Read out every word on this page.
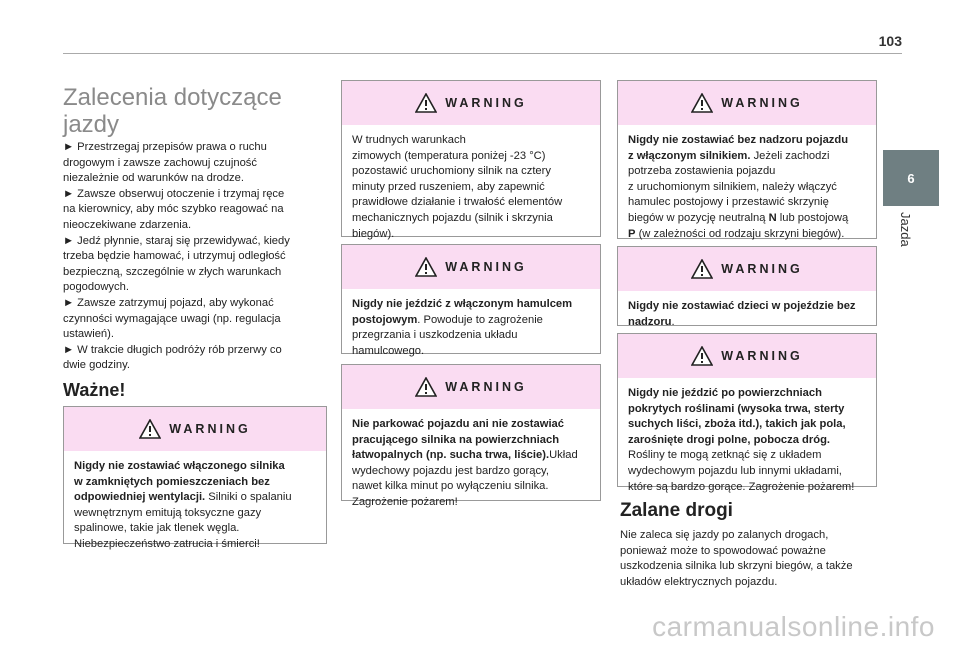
103
6
Jazda
Zalecenia dotyczące
jazdy
► Przestrzegaj przepisów prawa o ruchu
drogowym i zawsze zachowuj czujność
niezależnie od warunków na drodze.
► Zawsze obserwuj otoczenie i trzymaj ręce
na kierownicy, aby móc szybko reagować na
nieoczekiwane zdarzenia.
► Jedź płynnie, staraj się przewidywać, kiedy
trzeba będzie hamować, i utrzymuj odległość
bezpieczną, szczególnie w złych warunkach
pogodowych.
► Zawsze zatrzymuj pojazd, aby wykonać
czynności wymagające uwagi (np. regulacja
ustawień).
► W trakcie długich podróży rób przerwy co
dwie godziny.
Ważne!
WARNING
Nigdy nie zostawiać włączonego silnika
w zamkniętych pomieszczeniach bez
odpowiedniej wentylacji. Silniki o spalaniu
wewnętrznym emitują toksyczne gazy
spalinowe, takie jak tlenek węgla.
Niebezpieczeństwo zatrucia i śmierci!
WARNING
W trudnych warunkach
zimowych (temperatura poniżej -23 °C)
pozostawić uruchomiony silnik na cztery
minuty przed ruszeniem, aby zapewnić
prawidłowe działanie i trwałość elementów
mechanicznych pojazdu (silnik i skrzynia
biegów).
WARNING
Nigdy nie jeździć z włączonym hamulcem
postojowym. Powoduje to zagrożenie
przegrzania i uszkodzenia układu
hamulcowego.
WARNING
Nie parkować pojazdu ani nie zostawiać
pracującego silnika na powierzchniach
łatwopalnych (np. sucha trwa, liście).Układ
wydechowy pojazdu jest bardzo gorący,
nawet kilka minut po wyłączeniu silnika.
Zagrożenie pożarem!
WARNING
Nigdy nie zostawiać bez nadzoru pojazdu
z włączonym silnikiem. Jeżeli zachodzi
potrzeba zostawienia pojazdu
z uruchomionym silnikiem, należy włączyć
hamulec postojowy i przestawić skrzynię
biegów w pozycję neutralną N lub postojową
P (w zależności od rodzaju skrzyni biegów).
WARNING
Nigdy nie zostawiać dzieci w pojeździe bez
nadzoru.
WARNING
Nigdy nie jeździć po powierzchniach
pokrytych roślinami (wysoka trwa, sterty
suchych liści, zboża itd.), takich jak pola,
zarośnięte drogi polne, pobocza dróg.
Rośliny te mogą zetknąć się z układem
wydechowym pojazdu lub innymi układami,
które są bardzo gorące. Zagrożenie pożarem!
Zalane drogi
Nie zaleca się jazdy po zalanych drogach,
ponieważ może to spowodować poważne
uszkodzenia silnika lub skrzyni biegów, a także
układów elektrycznych pojazdu.
carmanualsonline.info
